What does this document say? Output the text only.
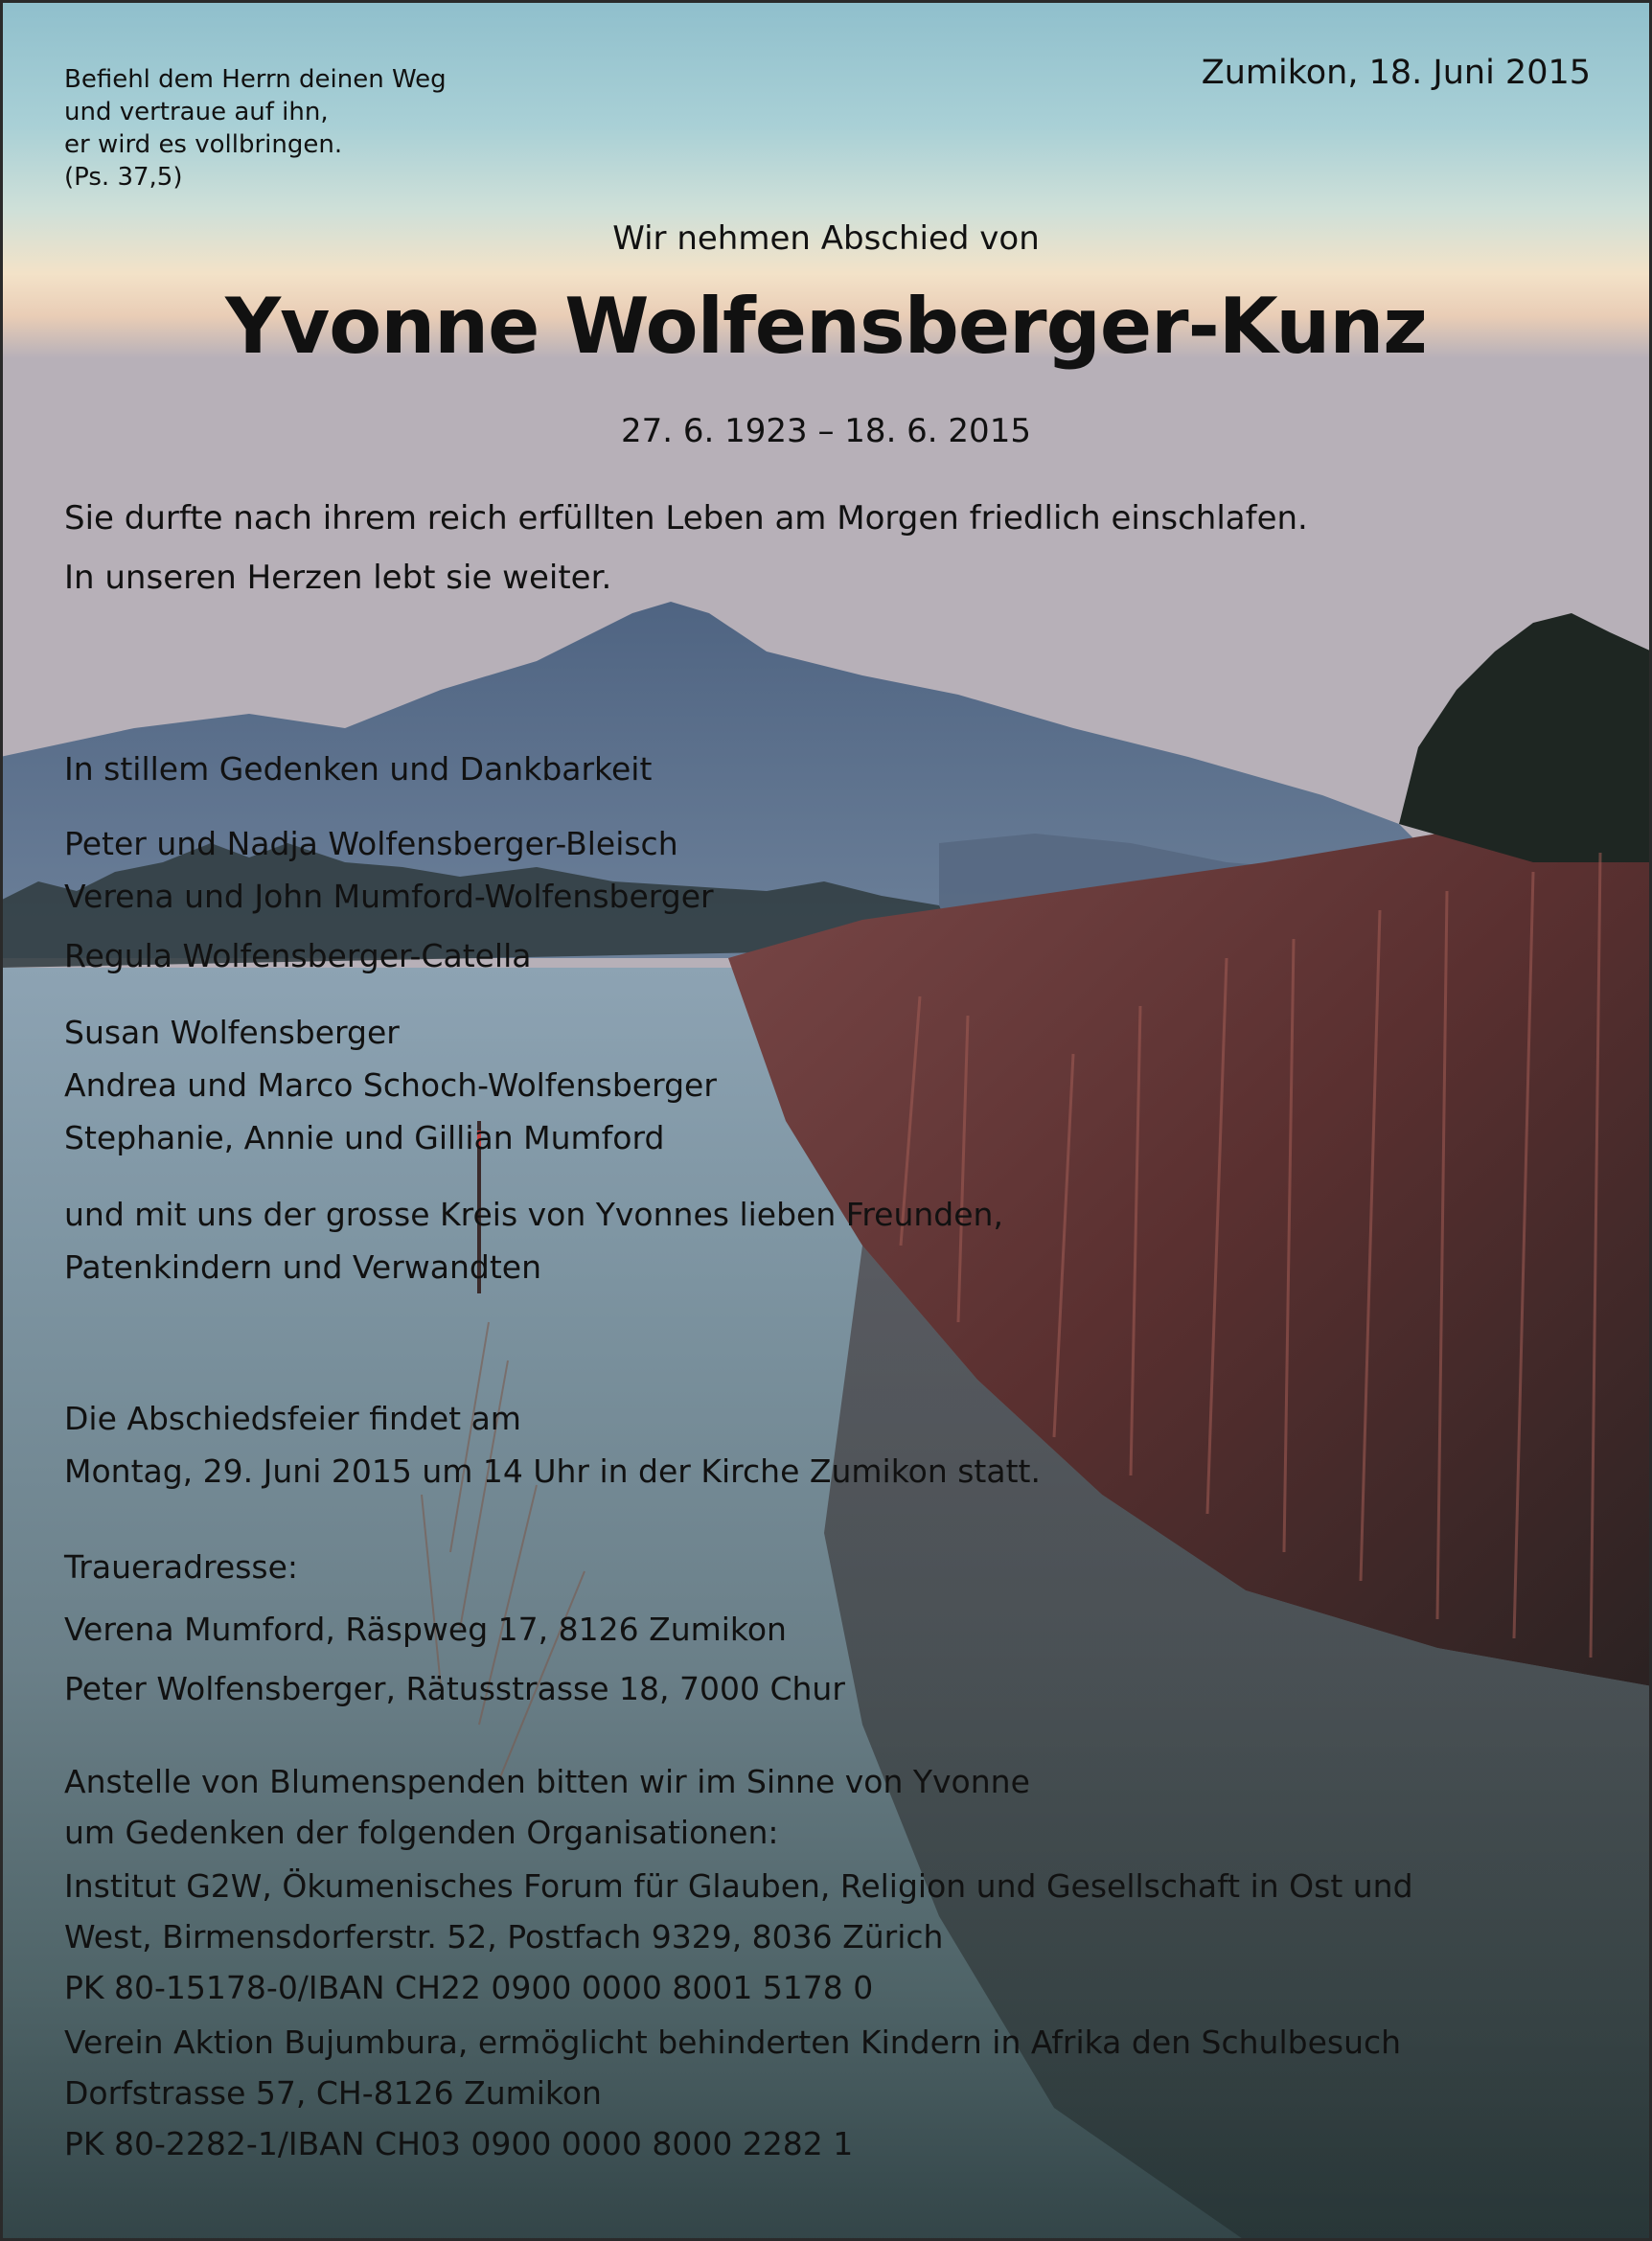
Befiehl dem Herrn deinen Weg
und vertraue auf ihn,
er wird es vollbringen.
(Ps. 37,5)
Zumikon, 18. Juni 2015
Wir nehmen Abschied von
Yvonne Wolfensberger-Kunz
27. 6. 1923 – 18. 6. 2015
Sie durfte nach ihrem reich erfüllten Leben am Morgen friedlich einschlafen.
In unseren Herzen lebt sie weiter.
In stillem Gedenken und Dankbarkeit
Peter und Nadja Wolfensberger-Bleisch
Verena und John Mumford-Wolfensberger
Regula Wolfensberger-Catella
Susan Wolfensberger
Andrea und Marco Schoch-Wolfensberger
Stephanie, Annie und Gillian Mumford
und mit uns der grosse Kreis von Yvonnes lieben Freunden,
Patenkindern und Verwandten
Die Abschiedsfeier findet am
Montag, 29. Juni 2015 um 14 Uhr in der Kirche Zumikon statt.
Traueradresse:
Verena Mumford, Räspweg 17, 8126 Zumikon
Peter Wolfensberger, Rätusstrasse 18, 7000 Chur
Anstelle von Blumenspenden bitten wir im Sinne von Yvonne
um Gedenken der folgenden Organisationen:
Institut G2W, Ökumenisches Forum für Glauben, Religion und Gesellschaft in Ost und
West, Birmensdorferstr. 52, Postfach 9329, 8036 Zürich
PK 80-15178-0/IBAN CH22 0900 0000 8001 5178 0
Verein Aktion Bujumbura, ermöglicht behinderten Kindern in Afrika den Schulbesuch
Dorfstrasse 57, CH-8126 Zumikon
PK 80-2282-1/IBAN CH03 0900 0000 8000 2282 1
